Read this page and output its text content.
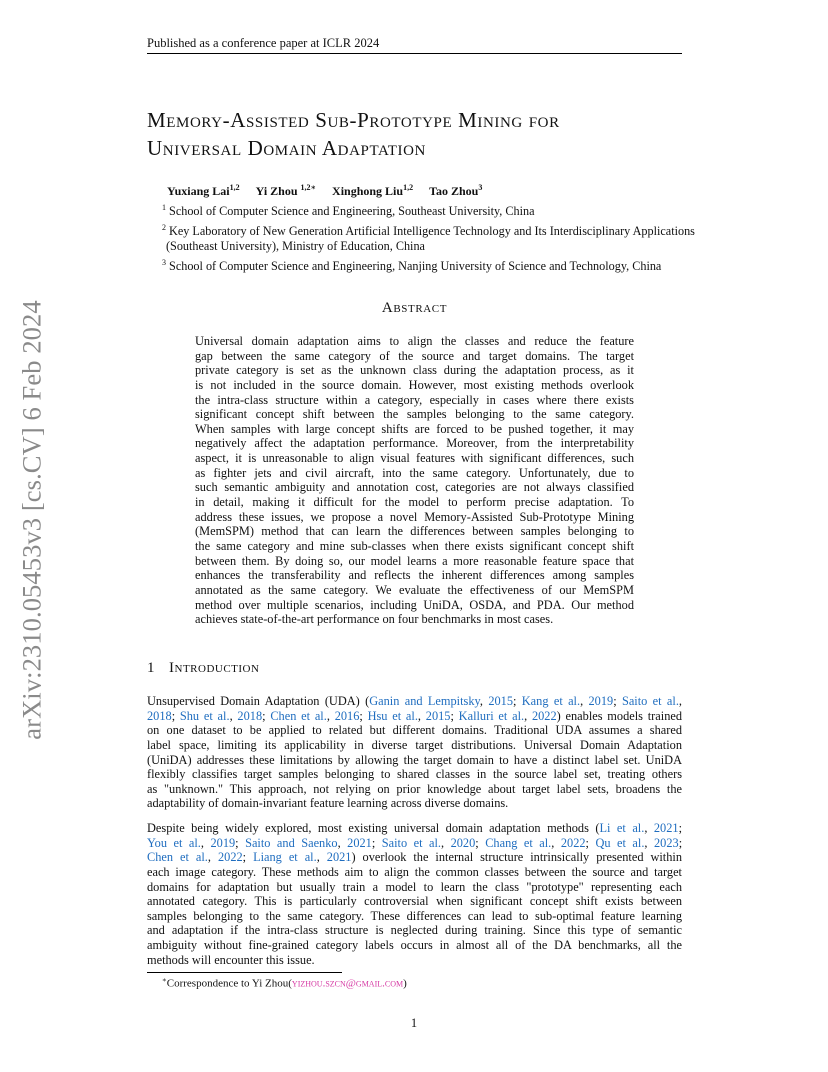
arXiv:2310.05453v3 [cs.CV] 6 Feb 2024
Published as a conference paper at ICLR 2024
Memory-Assisted Sub-Prototype Mining for
Universal Domain Adaptation
Yuxiang Lai$^{1,2}$ Yi Zhou $^{1,2∗}$ Xinghong Liu$^{1,2}$ Tao Zhou$^3$

$^1$ School of Computer Science and Engineering, Southeast University, China

$^2$ Key Laboratory of New Generation Artificial Intelligence Technology and Its Interdisciplinary Applications

(Southeast University), Ministry of Education, China

$^3$ School of Computer Science and Engineering, Nanjing University of Science and Technology, China

Abstract

Universal domain adaptation aims to align the classes and reduce the feature

gap between the same category of the source and target domains. The target

private category is set as the unknown class during the adaptation process, as it

is not included in the source domain. However, most existing methods overlook

the intra-class structure within a category, especially in cases where there exists

significant concept shift between the samples belonging to the same category.

When samples with large concept shifts are forced to be pushed together, it may

negatively affect the adaptation performance. Moreover, from the interpretability

aspect, it is unreasonable to align visual features with significant differences, such

as fighter jets and civil aircraft, into the same category. Unfortunately, due to

such semantic ambiguity and annotation cost, categories are not always classified

in detail, making it difficult for the model to perform precise adaptation. To

address these issues, we propose a novel Memory-Assisted Sub-Prototype Mining

(MemSPM) method that can learn the differences between samples belonging to

the same category and mine sub-classes when there exists significant concept shift

between them. By doing so, our model learns a more reasonable feature space that

enhances the transferability and reflects the inherent differences among samples

annotated as the same category. We evaluate the effectiveness of our MemSPM

method over multiple scenarios, including UniDA, OSDA, and PDA. Our method

achieves state-of-the-art performance on four benchmarks in most cases.

1 Introduction

Unsupervised Domain Adaptation (UDA) (Ganin and Lempitsky, 2015; Kang et al., 2019; Saito et al.,

2018; Shu et al., 2018; Chen et al., 2016; Hsu et al., 2015; Kalluri et al., 2022) enables models trained

on one dataset to be applied to related but different domains. Traditional UDA assumes a shared

label space, limiting its applicability in diverse target distributions. Universal Domain Adaptation

(UniDA) addresses these limitations by allowing the target domain to have a distinct label set. UniDA

flexibly classifies target samples belonging to shared classes in the source label set, treating others

as "unknown." This approach, not relying on prior knowledge about target label sets, broadens the

adaptability of domain-invariant feature learning across diverse domains.

Despite being widely explored, most existing universal domain adaptation methods (Li et al., 2021;

You et al., 2019; Saito and Saenko, 2021; Saito et al., 2020; Chang et al., 2022; Qu et al., 2023;

Chen et al., 2022; Liang et al., 2021) overlook the internal structure intrinsically presented within

each image category. These methods aim to align the common classes between the source and target

domains for adaptation but usually train a model to learn the class "prototype" representing each

annotated category. This is particularly controversial when significant concept shift exists between

samples belonging to the same category. These differences can lead to sub-optimal feature learning

and adaptation if the intra-class structure is neglected during training. Since this type of semantic

ambiguity without fine-grained category labels occurs in almost all of the DA benchmarks, all the

methods will encounter this issue.

∗Correspondence to Yi Zhou(yizhou.szcn@gmail.com)
1
